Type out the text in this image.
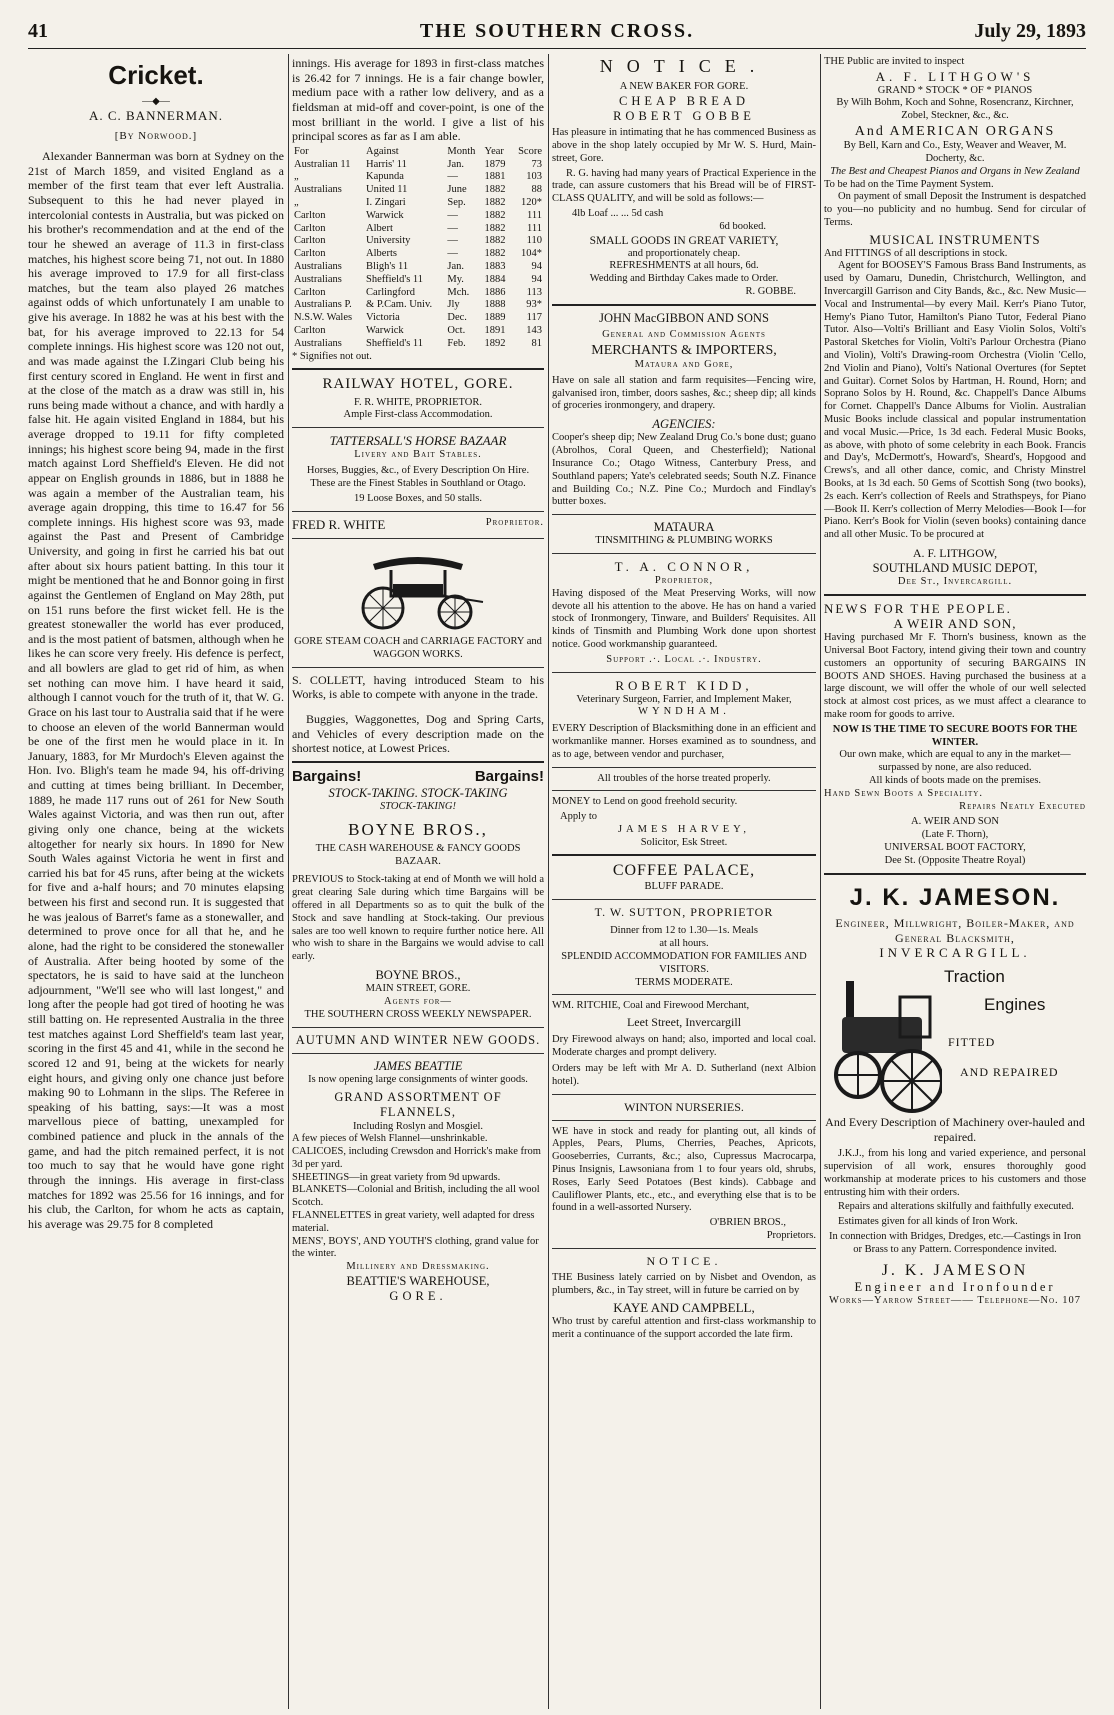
41	THE SOUTHERN CROSS.	July 29, 1893
Cricket.
—◆—
A. C. BANNERMAN.
[By Norwood.]

Alexander Bannerman was born at Sydney on the 21st of March 1859, and visited England as a member of the first team that ever left Australia. Subsequent to this he had never played in intercolonial contests in Australia, but was picked on his brother's recommendation and at the end of the tour he shewed an average of 11.3 in first-class matches, his highest score being 71, not out. In 1880 his average improved to 17.9 for all first-class matches, but the team also played 26 matches against odds of which unfortunately I am unable to give his average. In 1882 he was at his best with the bat, for his average improved to 22.13 for 54 complete innings. His highest score was 120 not out, and was made against the I.Zingari Club being his first century scored in England. He went in first and at the close of the match as a draw was still in, his runs being made without a chance, and with hardly a false hit. He again visited England in 1884, but his average dropped to 19.11 for fifty completed innings; his highest score being 94, made in the first match against Lord Sheffield's Eleven. He did not appear on English grounds in 1886, but in 1888 he was again a member of the Australian team, his average again dropping, this time to 16.47 for 56 complete innings. His highest score was 93, made against the Past and Present of Cambridge University, and going in first he carried his bat out after about six hours patient batting. In this tour it might be mentioned that he and Bonnor going in first against the Gentlemen of England on May 28th, put on 151 runs before the first wicket fell. He is the greatest stonewaller the world has ever produced, and is the most patient of batsmen, although when he likes he can score very freely. His defence is perfect, and all bowlers are glad to get rid of him, as when set nothing can move him. I have heard it said, although I cannot vouch for the truth of it, that W. G. Grace on his last tour to Australia said that if he were to choose an eleven of the world Bannerman would be one of the first men he would place in it. In January, 1883, for Mr Murdoch's Eleven against the Hon. Ivo. Bligh's team he made 94, his off-driving and cutting at times being brilliant. In December, 1889, he made 117 runs out of 261 for New South Wales against Victoria, and was then run out, after giving only one chance, being at the wickets altogether for nearly six hours. In 1890 for New South Wales against Victoria he went in first and carried his bat for 45 runs, after being at the wickets for five and a-half hours; and 70 minutes elapsing between his first and second run. It is suggested that he was jealous of Barret's fame as a stonewaller, and determined to prove once for all that he, and he alone, had the right to be considered the stonewaller of Australia. After being hooted by some of the spectators, he is said to have said at the luncheon adjournment, "We'll see who will last longest," and long after the people had got tired of hooting he was still batting on. He represented Australia in the three test matches against Lord Sheffield's team last year, scoring in the first 45 and 41, while in the second he scored 12 and 91, being at the wickets for nearly eight hours, and giving only one chance just before making 90 to Lohmann in the slips. The Referee in speaking of his batting, says:—It was a most marvellous piece of batting, unexampled for combined patience and pluck in the annals of the game, and had the pitch remained perfect, it is not too much to say that he would have gone right through the innings. His average in first-class matches for 1892 was 25.56 for 16 innings, and for his club, the Carlton, for whom he acts as captain, his average was 29.75 for 8 completed

innings. His average for 1893 in first-class matches is 26.42 for 7 innings. He is a fair change bowler, medium pace with a rather low delivery, and as a fieldsman at mid-off and cover-point, is one of the most brilliant in the world. I give a list of his principal scores as far as I am able.

For	Against	Month	Year	Score
Australian 11	Harris' 11	Jan.	1879	73
„	Kapunda	—	1881	103
Australians	United 11	June	1882	88
„	I. Zingari	Sep.	1882	120*
Carlton	Warwick	—	1882	111
Carlton	Albert	—	1882	111
Carlton	University	—	1882	110
Carlton	Alberts	—	1882	104*
Australians	Bligh's 11	Jan.	1883	94
Australians	Sheffield's 11	My.	1884	94
Carlton	Carlingford	Mch.	1886	113
Australians P.	& P.Cam. Univ.	Jly	1888	93*
N.S.W. Wales	Victoria	Dec.	1889	117
Carlton	Warwick	Oct.	1891	143
Australians	Sheffield's 11	Feb.	1892	81
* Signifies not out.
RAILWAY HOTEL, GORE.
F. R. WHITE, PROPRIETOR.
Ample First-class Accommodation.
TATTERSALL'S HORSE BAZAAR
Livery and Bait Stables.
Horses, Buggies, &c., of Every Description On Hire. These are the Finest Stables in Southland or Otago.
19 Loose Boxes, and 50 stalls.
FRED R. WHITE	Proprietor.
GORE STEAM COACH and CARRIAGE FACTORY and WAGGON WORKS.

S. COLLETT, having introduced Steam to his Works, is able to compete with anyone in the trade.

Buggies, Waggonettes, Dog and Spring Carts, and Vehicles of every description made on the shortest notice, at Lowest Prices.

Bargains!	Bargains!
STOCK-TAKING. STOCK-TAKING
STOCK-TAKING!
BOYNE BROS.,
THE CASH WAREHOUSE & FANCY GOODS BAZAAR.

PREVIOUS to Stock-taking at end of Month we will hold a great clearing Sale during which time Bargains will be offered in all Departments so as to quit the bulk of the Stock and save handling at Stock-taking. Our previous sales are too well known to require further notice here. All who wish to share in the Bargains we would advise to call early.

BOYNE BROS.,
MAIN STREET, GORE.
Agents for—
THE SOUTHERN CROSS WEEKLY NEWSPAPER.
AUTUMN AND WINTER NEW GOODS.
JAMES BEATTIE
Is now opening large consignments of winter goods.
GRAND ASSORTMENT OF
FLANNELS,
Including Roslyn and Mosgiel.
A few pieces of Welsh Flannel—unshrinkable.
CALICOES, including Crewsdon and Horrick's make from 3d per yard.
SHEETINGS—in great variety from 9d upwards.
BLANKETS—Colonial and British, including the all wool Scotch.
FLANNELETTES in great variety, well adapted for dress material.
MENS', BOYS', AND YOUTH'S clothing, grand value for the winter.
Millinery and Dressmaking.
BEATTIE'S WAREHOUSE,
GORE.
NOTICE.
A NEW BAKER FOR GORE.
CHEAP BREAD
ROBERT GOBBE

Has pleasure in intimating that he has commenced Business as above in the shop lately occupied by Mr W. S. Hurd, Main-street, Gore.

R. G. having had many years of Practical Experience in the trade, can assure customers that his Bread will be of FIRST-CLASS QUALITY, and will be sold as follows:—

4lb Loaf ... ... 5d cash
6d booked.
SMALL GOODS IN GREAT VARIETY,
and proportionately cheap.
REFRESHMENTS at all hours, 6d.
Wedding and Birthday Cakes made to Order.
R. GOBBE.
JOHN MacGIBBON AND SONS
General and Commission Agents
MERCHANTS & IMPORTERS,
Mataura and Gore,

Have on sale all station and farm requisites—Fencing wire, galvanised iron, timber, doors sashes, &c.; sheep dip; all kinds of groceries ironmongery, and drapery.

AGENCIES:

Cooper's sheep dip; New Zealand Drug Co.'s bone dust; guano (Abrolhos, Coral Queen, and Chesterfield); National Insurance Co.; Otago Witness, Canterbury Press, and Southland papers; Yate's celebrated seeds; South N.Z. Finance and Building Co.; N.Z. Pine Co.; Murdoch and Findlay's butter boxes.

MATAURA
TINSMITHING & PLUMBING WORKS
T. A. CONNOR,
Proprietor,

Having disposed of the Meat Preserving Works, will now devote all his attention to the above. He has on hand a varied stock of Ironmongery, Tinware, and Builders' Requisites. All kinds of Tinsmith and Plumbing Work done upon shortest notice. Good workmanship guaranteed.

Support .·. Local .·. Industry.
ROBERT KIDD,
Veterinary Surgeon, Farrier, and Implement Maker,
WYNDHAM.

EVERY Description of Blacksmithing done in an efficient and workmanlike manner. Horses examined as to soundness, and as to age, between vendor and purchaser,

All troubles of the horse treated properly.

MONEY to Lend on good freehold security.

Apply to
JAMES HARVEY,
Solicitor, Esk Street.
COFFEE PALACE,
BLUFF PARADE.
T. W. SUTTON, PROPRIETOR
Dinner from 12 to 1.30—1s. Meals
at all hours.
SPLENDID ACCOMMODATION FOR FAMILIES AND VISITORS.
TERMS MODERATE.

WM. RITCHIE, Coal and Firewood Merchant,

Leet Street, Invercargill

Dry Firewood always on hand; also, imported and local coal. Moderate charges and prompt delivery.

Orders may be left with Mr A. D. Sutherland (next Albion hotel).

WINTON NURSERIES.

WE have in stock and ready for planting out, all kinds of Apples, Pears, Plums, Cherries, Peaches, Apricots, Gooseberries, Currants, &c.; also, Cupressus Macrocarpa, Pinus Insignis, Lawsoniana from 1 to four years old, shrubs, Roses, Early Seed Potatoes (Best kinds). Cabbage and Cauliflower Plants, etc., etc., and everything else that is to be found in a well-assorted Nursery.

O'BRIEN BROS.,
Proprietors.
NOTICE.

THE Business lately carried on by Nisbet and Ovendon, as plumbers, &c., in Tay street, will in future be carried on by

KAYE AND CAMPBELL,

Who trust by careful attention and first-class workmanship to merit a continuance of the support accorded the late firm.

THE Public are invited to inspect
A. F. LITHGOW'S
GRAND * STOCK * OF * PIANOS
By Wilh Bohm, Koch and Sohne, Rosencranz, Kirchner, Zobel, Steckner, &c., &c.
And AMERICAN ORGANS
By Bell, Karn and Co., Esty, Weaver and Weaver, M. Docherty, &c.
The Best and Cheapest Pianos and Organs in New Zealand
To be had on the Time Payment System.

On payment of small Deposit the Instrument is despatched to you—no publicity and no humbug. Send for circular of Terms.

MUSICAL INSTRUMENTS
And FITTINGS of all descriptions in stock.

Agent for BOOSEY'S Famous Brass Band Instruments, as used by Oamaru, Dunedin, Christchurch, Wellington, and Invercargill Garrison and City Bands, &c., &c. New Music—Vocal and Instrumental—by every Mail. Kerr's Piano Tutor, Hemy's Piano Tutor, Hamilton's Piano Tutor, Federal Piano Tutor. Also—Volti's Brilliant and Easy Violin Solos, Volti's Pastoral Sketches for Violin, Volti's Parlour Orchestra (Piano and Violin), Volti's Drawing-room Orchestra (Violin 'Cello, 2nd Violin and Piano), Volti's National Overtures (for Septet and Guitar). Cornet Solos by Hartman, H. Round, Horn; and Soprano Solos by H. Round, &c. Chappell's Dance Albums for Cornet. Chappell's Dance Albums for Violin. Australian Music Books include classical and popular instrumentation and vocal Music.—Price, 1s 3d each. Federal Music Books, as above, with photo of some celebrity in each Book. Francis and Day's, McDermott's, Howard's, Sheard's, Hopgood and Crews's, and all other dance, comic, and Christy Minstrel Books, at 1s 3d each. 50 Gems of Scottish Song (two books), 2s each. Kerr's collection of Reels and Strathspeys, for Piano—Book II. Kerr's collection of Merry Melodies—Book I—for Piano. Kerr's Book for Violin (seven books) containing dance and all other Music. To be procured at

A. F. LITHGOW,
SOUTHLAND MUSIC DEPOT,
Dee St., Invercargill.
NEWS FOR THE PEOPLE.
A WEIR AND SON,

Having purchased Mr F. Thorn's business, known as the Universal Boot Factory, intend giving their town and country customers an opportunity of securing BARGAINS IN BOOTS AND SHOES. Having purchased the business at a large discount, we will offer the whole of our well selected stock at almost cost prices, as we must affect a clearance to make room for goods to arrive.

NOW IS THE TIME TO SECURE BOOTS FOR THE WINTER.
Our own make, which are equal to any in the market—surpassed by none, are also reduced.
All kinds of boots made on the premises.
Hand Sewn Boots a Speciality.
Repairs Neatly Executed
A. WEIR AND SON
(Late F. Thorn),
UNIVERSAL BOOT FACTORY,
Dee St. (Opposite Theatre Royal)
J. K. JAMESON.
Engineer, Millwright, Boiler-Maker, and General Blacksmith,
INVERCARGILL.
Traction
Engines
FITTED
AND REPAIRED
And Every Description of Machinery over-hauled and repaired.

J.K.J., from his long and varied experience, and personal supervision of all work, ensures thoroughly good workmanship at moderate prices to his customers and those entrusting him with their orders.

Repairs and alterations skilfully and faithfully executed.

Estimates given for all kinds of Iron Work.

In connection with Bridges, Dredges, etc.—Castings in Iron or Brass to any Pattern. Correspondence invited.

J. K. JAMESON
Engineer and Ironfounder
Works—Yarrow Street—— Telephone—No. 107
